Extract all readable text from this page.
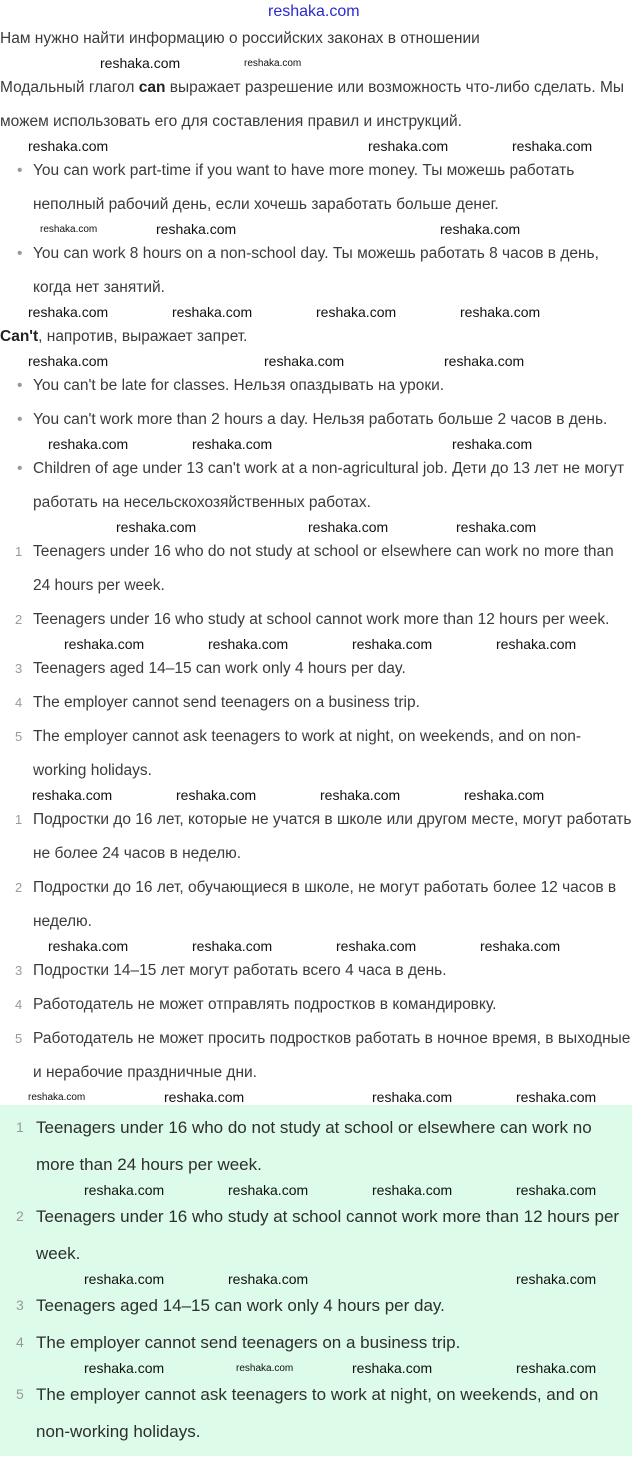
reshaka.com
Нам нужно найти информацию о российских законах в отношении
reshaka.com	reshaka.com
Модальный глагол can выражает разрешение или возможность что-либо сделать. Мы можем использовать его для составления правил и инструкций.
reshaka.com	reshaka.com	reshaka.com
• You can work part-time if you want to have more money. Ты можешь работать неполный рабочий день, если хочешь заработать больше денег.
reshaka.com	reshaka.com	reshaka.com
• You can work 8 hours on a non-school day. Ты можешь работать 8 часов в день, когда нет занятий.
reshaka.com	reshaka.com	reshaka.com	reshaka.com
Can't, напротив, выражает запрет.
reshaka.com	reshaka.com	reshaka.com
• You can't be late for classes. Нельзя опаздывать на уроки.
• You can't work more than 2 hours a day. Нельзя работать больше 2 часов в день.
reshaka.com	reshaka.com	reshaka.com
• Children of age under 13 can't work at a non-agricultural job. Дети до 13 лет не могут работать на несельскохозяйственных работах.
reshaka.com	reshaka.com	reshaka.com
1 Teenagers under 16 who do not study at school or elsewhere can work no more than 24 hours per week.
2 Teenagers under 16 who study at school cannot work more than 12 hours per week.
reshaka.com	reshaka.com	reshaka.com	reshaka.com
3 Teenagers aged 14–15 can work only 4 hours per day.
4 The employer cannot send teenagers on a business trip.
5 The employer cannot ask teenagers to work at night, on weekends, and on non-working holidays.
reshaka.com	reshaka.com	reshaka.com	reshaka.com
1 Подростки до 16 лет, которые не учатся в школе или другом месте, могут работать не более 24 часов в неделю.
2 Подростки до 16 лет, обучающиеся в школе, не могут работать более 12 часов в неделю.
reshaka.com	reshaka.com	reshaka.com	reshaka.com
3 Подростки 14–15 лет могут работать всего 4 часа в день.
4 Работодатель не может отправлять подростков в командировку.
5 Работодатель не может просить подростков работать в ночное время, в выходные и нерабочие праздничные дни.
reshaka.com	reshaka.com	reshaka.com	reshaka.com
1 Teenagers under 16 who do not study at school or elsewhere can work no more than 24 hours per week.
reshaka.com	reshaka.com	reshaka.com	reshaka.com
2 Teenagers under 16 who study at school cannot work more than 12 hours per week.
reshaka.com	reshaka.com	reshaka.com
3 Teenagers aged 14–15 can work only 4 hours per day.
4 The employer cannot send teenagers on a business trip.
reshaka.com	reshaka.com	reshaka.com	reshaka.com
5 The employer cannot ask teenagers to work at night, on weekends, and on non-working holidays.
